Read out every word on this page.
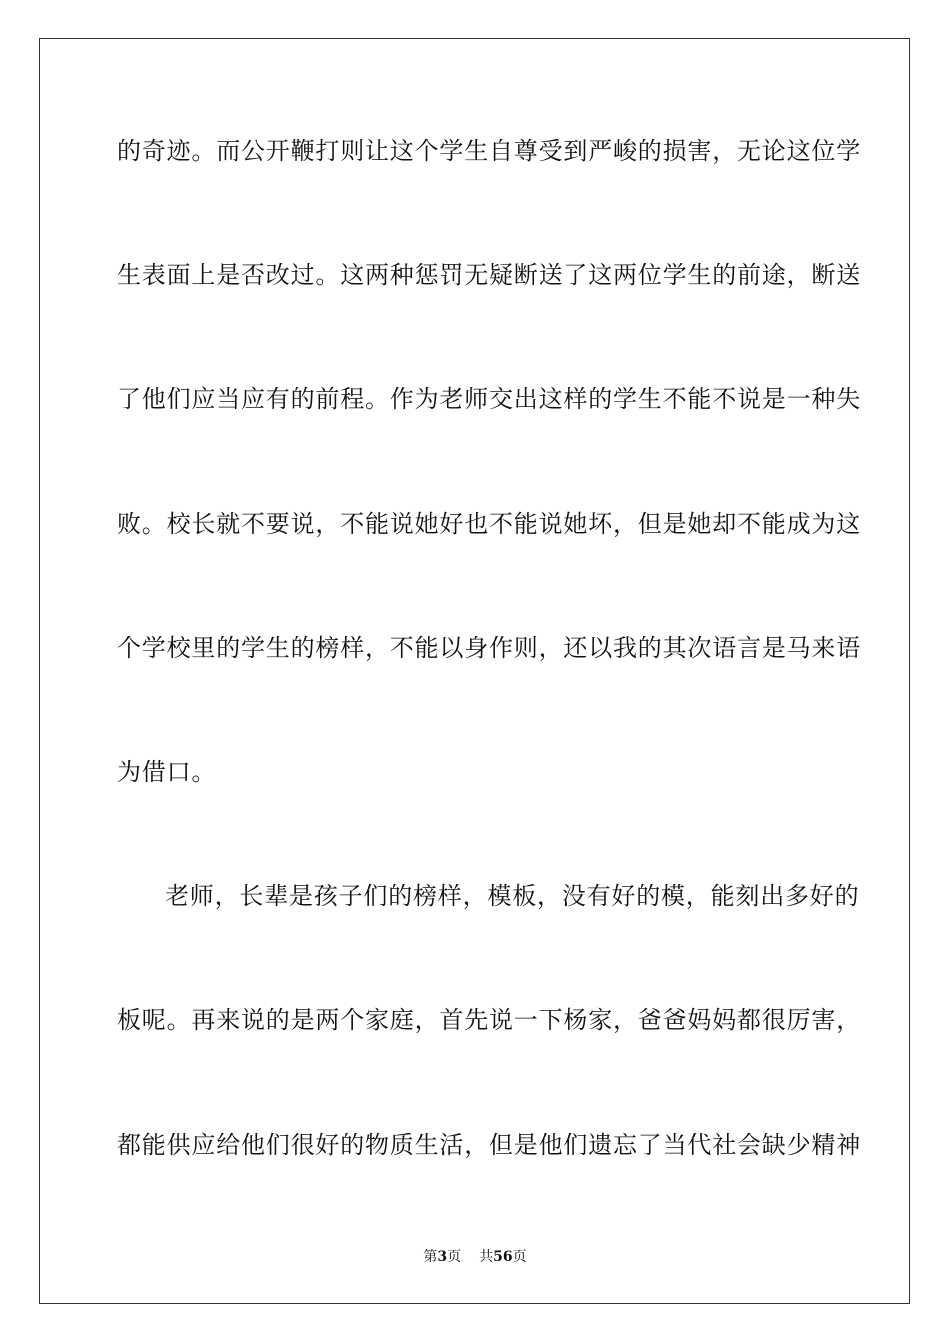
的奇迹。而公开鞭打则让这个学生自尊受到严峻的损害，无论这位学
生表面上是否改过。这两种惩罚无疑断送了这两位学生的前途，断送
了他们应当应有的前程。作为老师交出这样的学生不能不说是一种失
败。校长就不要说，不能说她好也不能说她坏，但是她却不能成为这
个学校里的学生的榜样，不能以身作则，还以我的其次语言是马来语
为借口。
老师，长辈是孩子们的榜样，模板，没有好的模，能刻出多好的
板呢。再来说的是两个家庭，首先说一下杨家，爸爸妈妈都很厉害，
都能供应给他们很好的物质生活，但是他们遗忘了当代社会缺少精神
第3页 共56页
